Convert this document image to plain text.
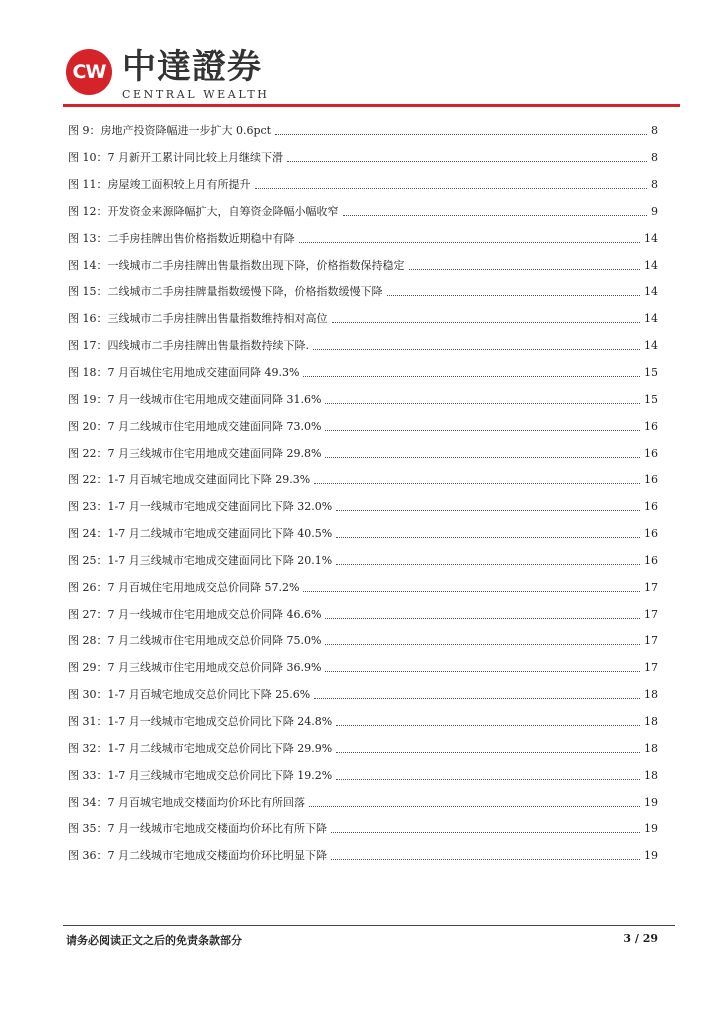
CW 中達證券
CENTRAL WEALTH
图 9：房地产投资降幅进一步扩大 0.6pct	8
图 10：7 月新开工累计同比较上月继续下滑	8
图 11：房屋竣工面积较上月有所提升	8
图 12：开发资金来源降幅扩大，自筹资金降幅小幅收窄	9
图 13：二手房挂牌出售价格指数近期稳中有降	14
图 14：一线城市二手房挂牌出售量指数出现下降，价格指数保持稳定	14
图 15：二线城市二手房挂牌量指数缓慢下降，价格指数缓慢下降	14
图 16：三线城市二手房挂牌出售量指数维持相对高位	14
图 17：四线城市二手房挂牌出售量指数持续下降.	14
图 18：7 月百城住宅用地成交建面同降 49.3%	15
图 19：7 月一线城市住宅用地成交建面同降 31.6%	15
图 20：7 月二线城市住宅用地成交建面同降 73.0%	16
图 22：7 月三线城市住宅用地成交建面同降 29.8%	16
图 22：1-7 月百城宅地成交建面同比下降 29.3%	16
图 23：1-7 月一线城市宅地成交建面同比下降 32.0%	16
图 24：1-7 月二线城市宅地成交建面同比下降 40.5%	16
图 25：1-7 月三线城市宅地成交建面同比下降 20.1%	16
图 26：7 月百城住宅用地成交总价同降 57.2%	17
图 27：7 月一线城市住宅用地成交总价同降 46.6%	17
图 28：7 月二线城市住宅用地成交总价同降 75.0%	17
图 29：7 月三线城市住宅用地成交总价同降 36.9%	17
图 30：1-7 月百城宅地成交总价同比下降 25.6%	18
图 31：1-7 月一线城市宅地成交总价同比下降 24.8%	18
图 32：1-7 月二线城市宅地成交总价同比下降 29.9%	18
图 33：1-7 月三线城市宅地成交总价同比下降 19.2%	18
图 34：7 月百城宅地成交楼面均价环比有所回落	19
图 35：7 月一线城市宅地成交楼面均价环比有所下降	19
图 36：7 月二线城市宅地成交楼面均价环比明显下降	19
请务必阅读正文之后的免责条款部分	3 / 29
